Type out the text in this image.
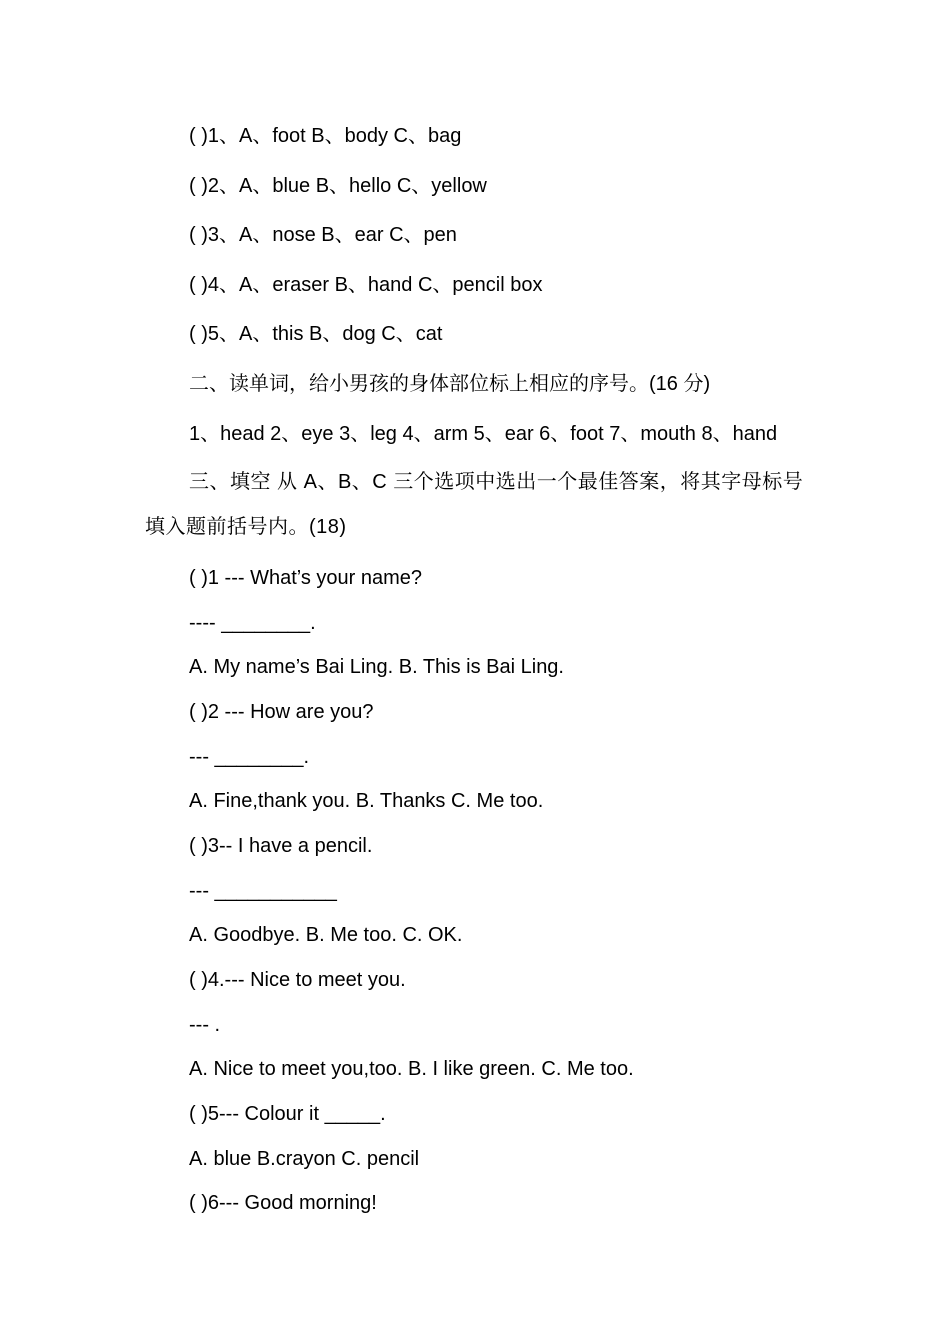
( )1、A、foot B、body C、bag
( )2、A、blue B、hello C、yellow
( )3、A、nose B、ear C、pen
( )4、A、eraser B、hand C、pencil box
( )5、A、this B、dog C、cat
二、读单词，给小男孩的身体部位标上相应的序号。(16 分)
1、head 2、eye 3、leg 4、arm 5、ear 6、foot 7、mouth 8、hand
三、填空 从 A、B、C 三个选项中选出一个最佳答案，将其字母标号填入题前括号内。(18)
( )1 --- What’s your name?
---- ________.
A. My name’s Bai Ling. B. This is Bai Ling.
( )2 --- How are you?
--- ________.
A. Fine,thank you. B. Thanks C. Me too.
( )3-- I have a pencil.
--- ___________
A. Goodbye. B. Me too. C. OK.
( )4.--- Nice to meet you.
--- .
A. Nice to meet you,too. B. I like green. C. Me too.
( )5--- Colour it _____.
A. blue B.crayon C. pencil
( )6--- Good morning!
